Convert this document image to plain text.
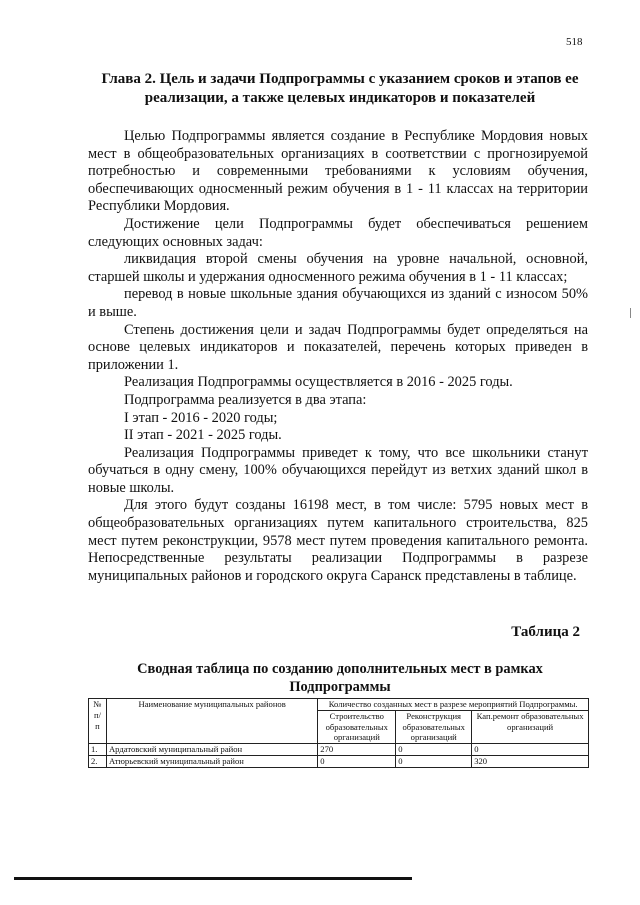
518
Глава 2. Цель и задачи Подпрограммы с указанием сроков и этапов ее
реализации, а также целевых индикаторов и показателей

Целью Подпрограммы является создание в Республике Мордовия новых мест в общеобразовательных организациях в соответствии с прогнозируемой потребностью и современными требованиями к условиям обучения, обеспечивающих односменный режим обучения в 1 - 11 классах на территории Республики Мордовия.

Достижение цели Подпрограммы будет обеспечиваться решением следующих основных задач:

ликвидация второй смены обучения на уровне начальной, основной, старшей школы и удержания односменного режима обучения в 1 - 11 классах;

перевод в новые школьные здания обучающихся из зданий с износом 50% и выше.

Степень достижения цели и задач Подпрограммы будет определяться на основе целевых индикаторов и показателей, перечень которых приведен в приложении 1.

Реализация Подпрограммы осуществляется в 2016 - 2025 годы.

Подпрограмма реализуется в два этапа:

I этап - 2016 - 2020 годы;

II этап - 2021 - 2025 годы.

Реализация Подпрограммы приведет к тому, что все школьники станут обучаться в одну смену, 100% обучающихся перейдут из ветхих зданий школ в новые школы.

Для этого будут созданы 16198 мест, в том числе: 5795 новых мест в общеобразовательных организациях путем капитального строительства, 825 мест путем реконструкции, 9578 мест путем проведения капитального ремонта. Непосредственные результаты реализации Подпрограммы в разрезе муниципальных районов и городского округа Саранск представлены в таблице.

Таблица 2
Сводная таблица по созданию дополнительных мест в рамках
Подпрограммы
№ п/ п	Наименование муниципальных районов	Количество созданных мест в разрезе мероприятий Подпрограммы.		
		Строительство образовательных организаций	Реконструкция образовательных организаций	Кап.ремонт образовательных организаций
1.	Ардатовский муниципальный район	270	0	0
2.	Атюрьевский муниципальный район	0	0	320
